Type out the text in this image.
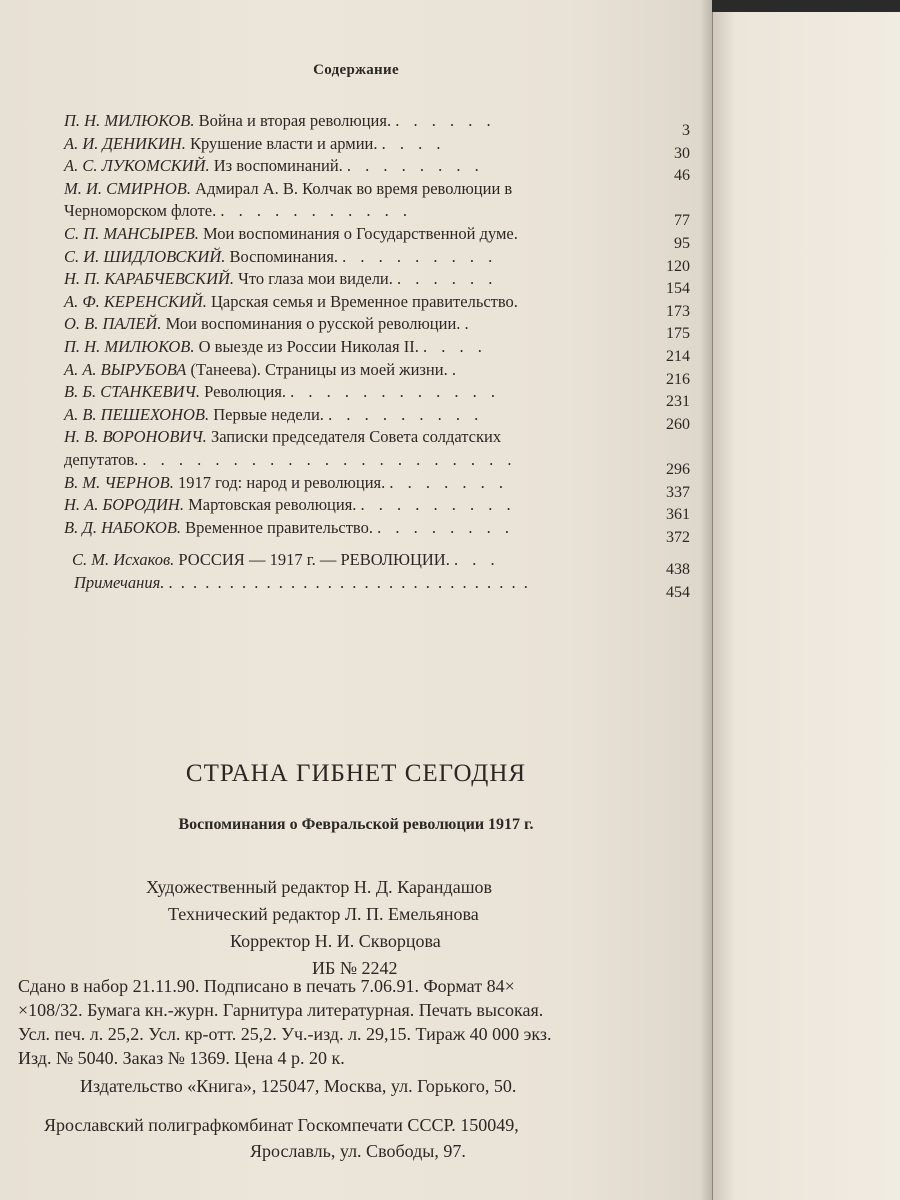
Содержание
П. Н. МИЛЮКОВ. Война и вторая революция. . . . . . .
3
А. И. ДЕНИКИН. Крушение власти и армии. . . . .
30
А. С. ЛУКОМСКИЙ. Из воспоминаний. . . . . . . . .
46
М. И. СМИРНОВ. Адмирал А. В. Колчак во время революции в
Черноморском флоте. . . . . . . . . . . .
77
С. П. МАНСЫРЕВ. Мои воспоминания о Государственной думе.
95
С. И. ШИДЛОВСКИЙ. Воспоминания. . . . . . . . . .
120
Н. П. КАРАБЧЕВСКИЙ. Что глаза мои видели. . . . . . .
154
А. Ф. КЕРЕНСКИЙ. Царская семья и Временное правительство.
173
О. В. ПАЛЕЙ. Мои воспоминания о русской революции. .
175
П. Н. МИЛЮКОВ. О выезде из России Николая II. . . . .
214
А. А. ВЫРУБОВА (Танеева). Страницы из моей жизни. .
216
В. Б. СТАНКЕВИЧ. Революция. . . . . . . . . . . . .
231
А. В. ПЕШЕХОНОВ. Первые недели. . . . . . . . . .
260
Н. В. ВОРОНОВИЧ. Записки председателя Совета солдатских
депутатов. . . . . . . . . . . . . . . . . . . . . .
296
В. М. ЧЕРНОВ. 1917 год: народ и революция. . . . . . . .
337
Н. А. БОРОДИН. Мартовская революция. . . . . . . . . .
361
В. Д. НАБОКОВ. Временное правительство. . . . . . . . .
372
С. М. Исхаков. РОССИЯ — 1917 г. — РЕВОЛЮЦИИ. . . .
438
Примечания. . . . . . . . . . . . . . . . . . . . . . . . . . . . . . .
454
СТРАНА ГИБНЕТ СЕГОДНЯ
Воспоминания о Февральской революции 1917 г.
Художественный редактор Н. Д. Карандашов
Технический редактор Л. П. Емельянова
Корректор Н. И. Скворцова
ИБ № 2242
Сдано в набор 21.11.90. Подписано в печать 7.06.91. Формат 84×
×108/32. Бумага кн.-журн. Гарнитура литературная. Печать высокая.
Усл. печ. л. 25,2. Усл. кр-отт. 25,2. Уч.-изд. л. 29,15. Тираж 40 000 экз.
Изд. № 5040. Заказ № 1369. Цена 4 р. 20 к.
Издательство «Книга», 125047, Москва, ул. Горького, 50.
Ярославский полиграфкомбинат Госкомпечати СССР. 150049,
Ярославль, ул. Свободы, 97.
